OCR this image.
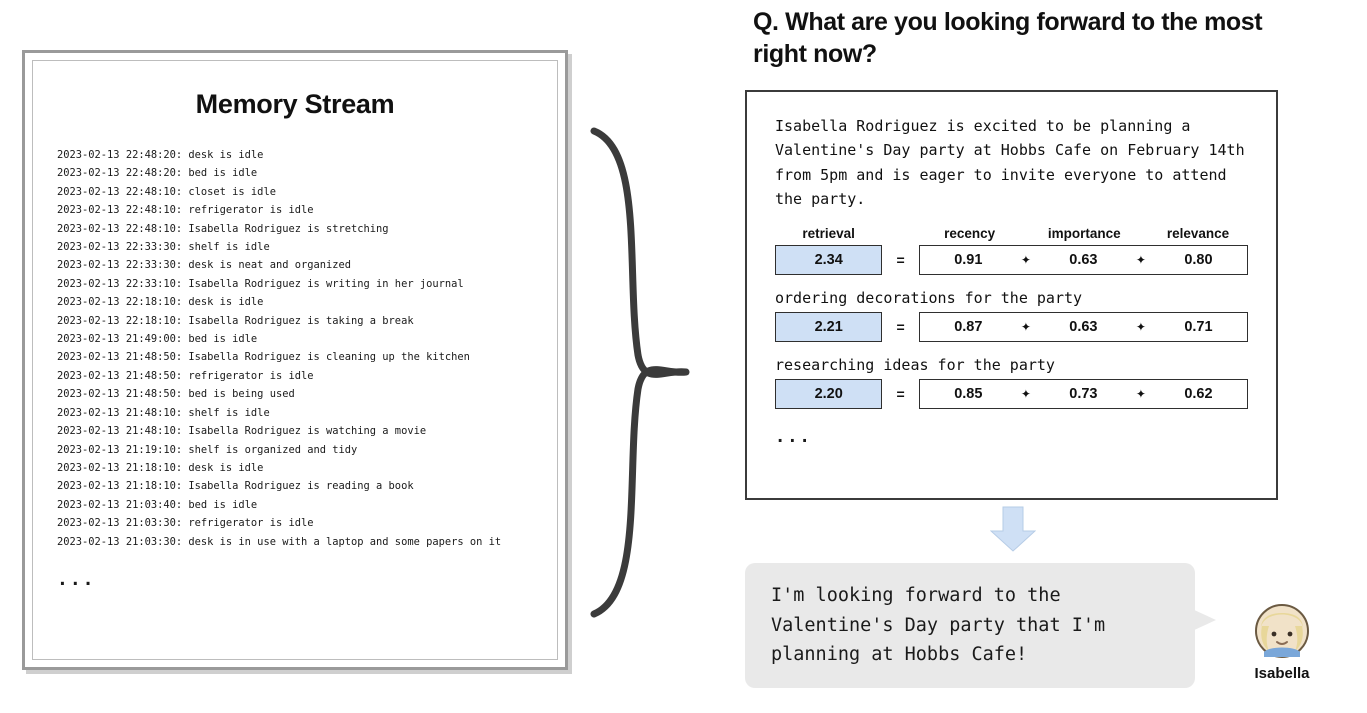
Memory Stream
2023-02-13 22:48:20: desk is idle
2023-02-13 22:48:20: bed is idle
2023-02-13 22:48:10: closet is idle
2023-02-13 22:48:10: refrigerator is idle
2023-02-13 22:48:10: Isabella Rodriguez is stretching
2023-02-13 22:33:30: shelf is idle
2023-02-13 22:33:30: desk is neat and organized
2023-02-13 22:33:10: Isabella Rodriguez is writing in her journal
2023-02-13 22:18:10: desk is idle
2023-02-13 22:18:10: Isabella Rodriguez is taking a break
2023-02-13 21:49:00: bed is idle
2023-02-13 21:48:50: Isabella Rodriguez is cleaning up the kitchen
2023-02-13 21:48:50: refrigerator is idle
2023-02-13 21:48:50: bed is being used
2023-02-13 21:48:10: shelf is idle
2023-02-13 21:48:10: Isabella Rodriguez is watching a movie
2023-02-13 21:19:10: shelf is organized and tidy
2023-02-13 21:18:10: desk is idle
2023-02-13 21:18:10: Isabella Rodriguez is reading a book
2023-02-13 21:03:40: bed is idle
2023-02-13 21:03:30: refrigerator is idle
2023-02-13 21:03:30: desk is in use with a laptop and some papers on it
...
Q. What are you looking forward to the most right now?
Isabella Rodriguez is excited to be planning a Valentine's Day party at Hobbs Cafe on February 14th from 5pm and is eager to invite everyone to attend the party.
retrieval	recency	importance	relevance
2.34	=	0.91	✦	0.63	✦	0.80
ordering decorations for the party
2.21	=	0.87	✦	0.63	✦	0.71
researching ideas for the party
2.20	=	0.85	✦	0.73	✦	0.62
...
I'm looking forward to the Valentine's Day party that I'm planning at Hobbs Cafe!
Isabella
